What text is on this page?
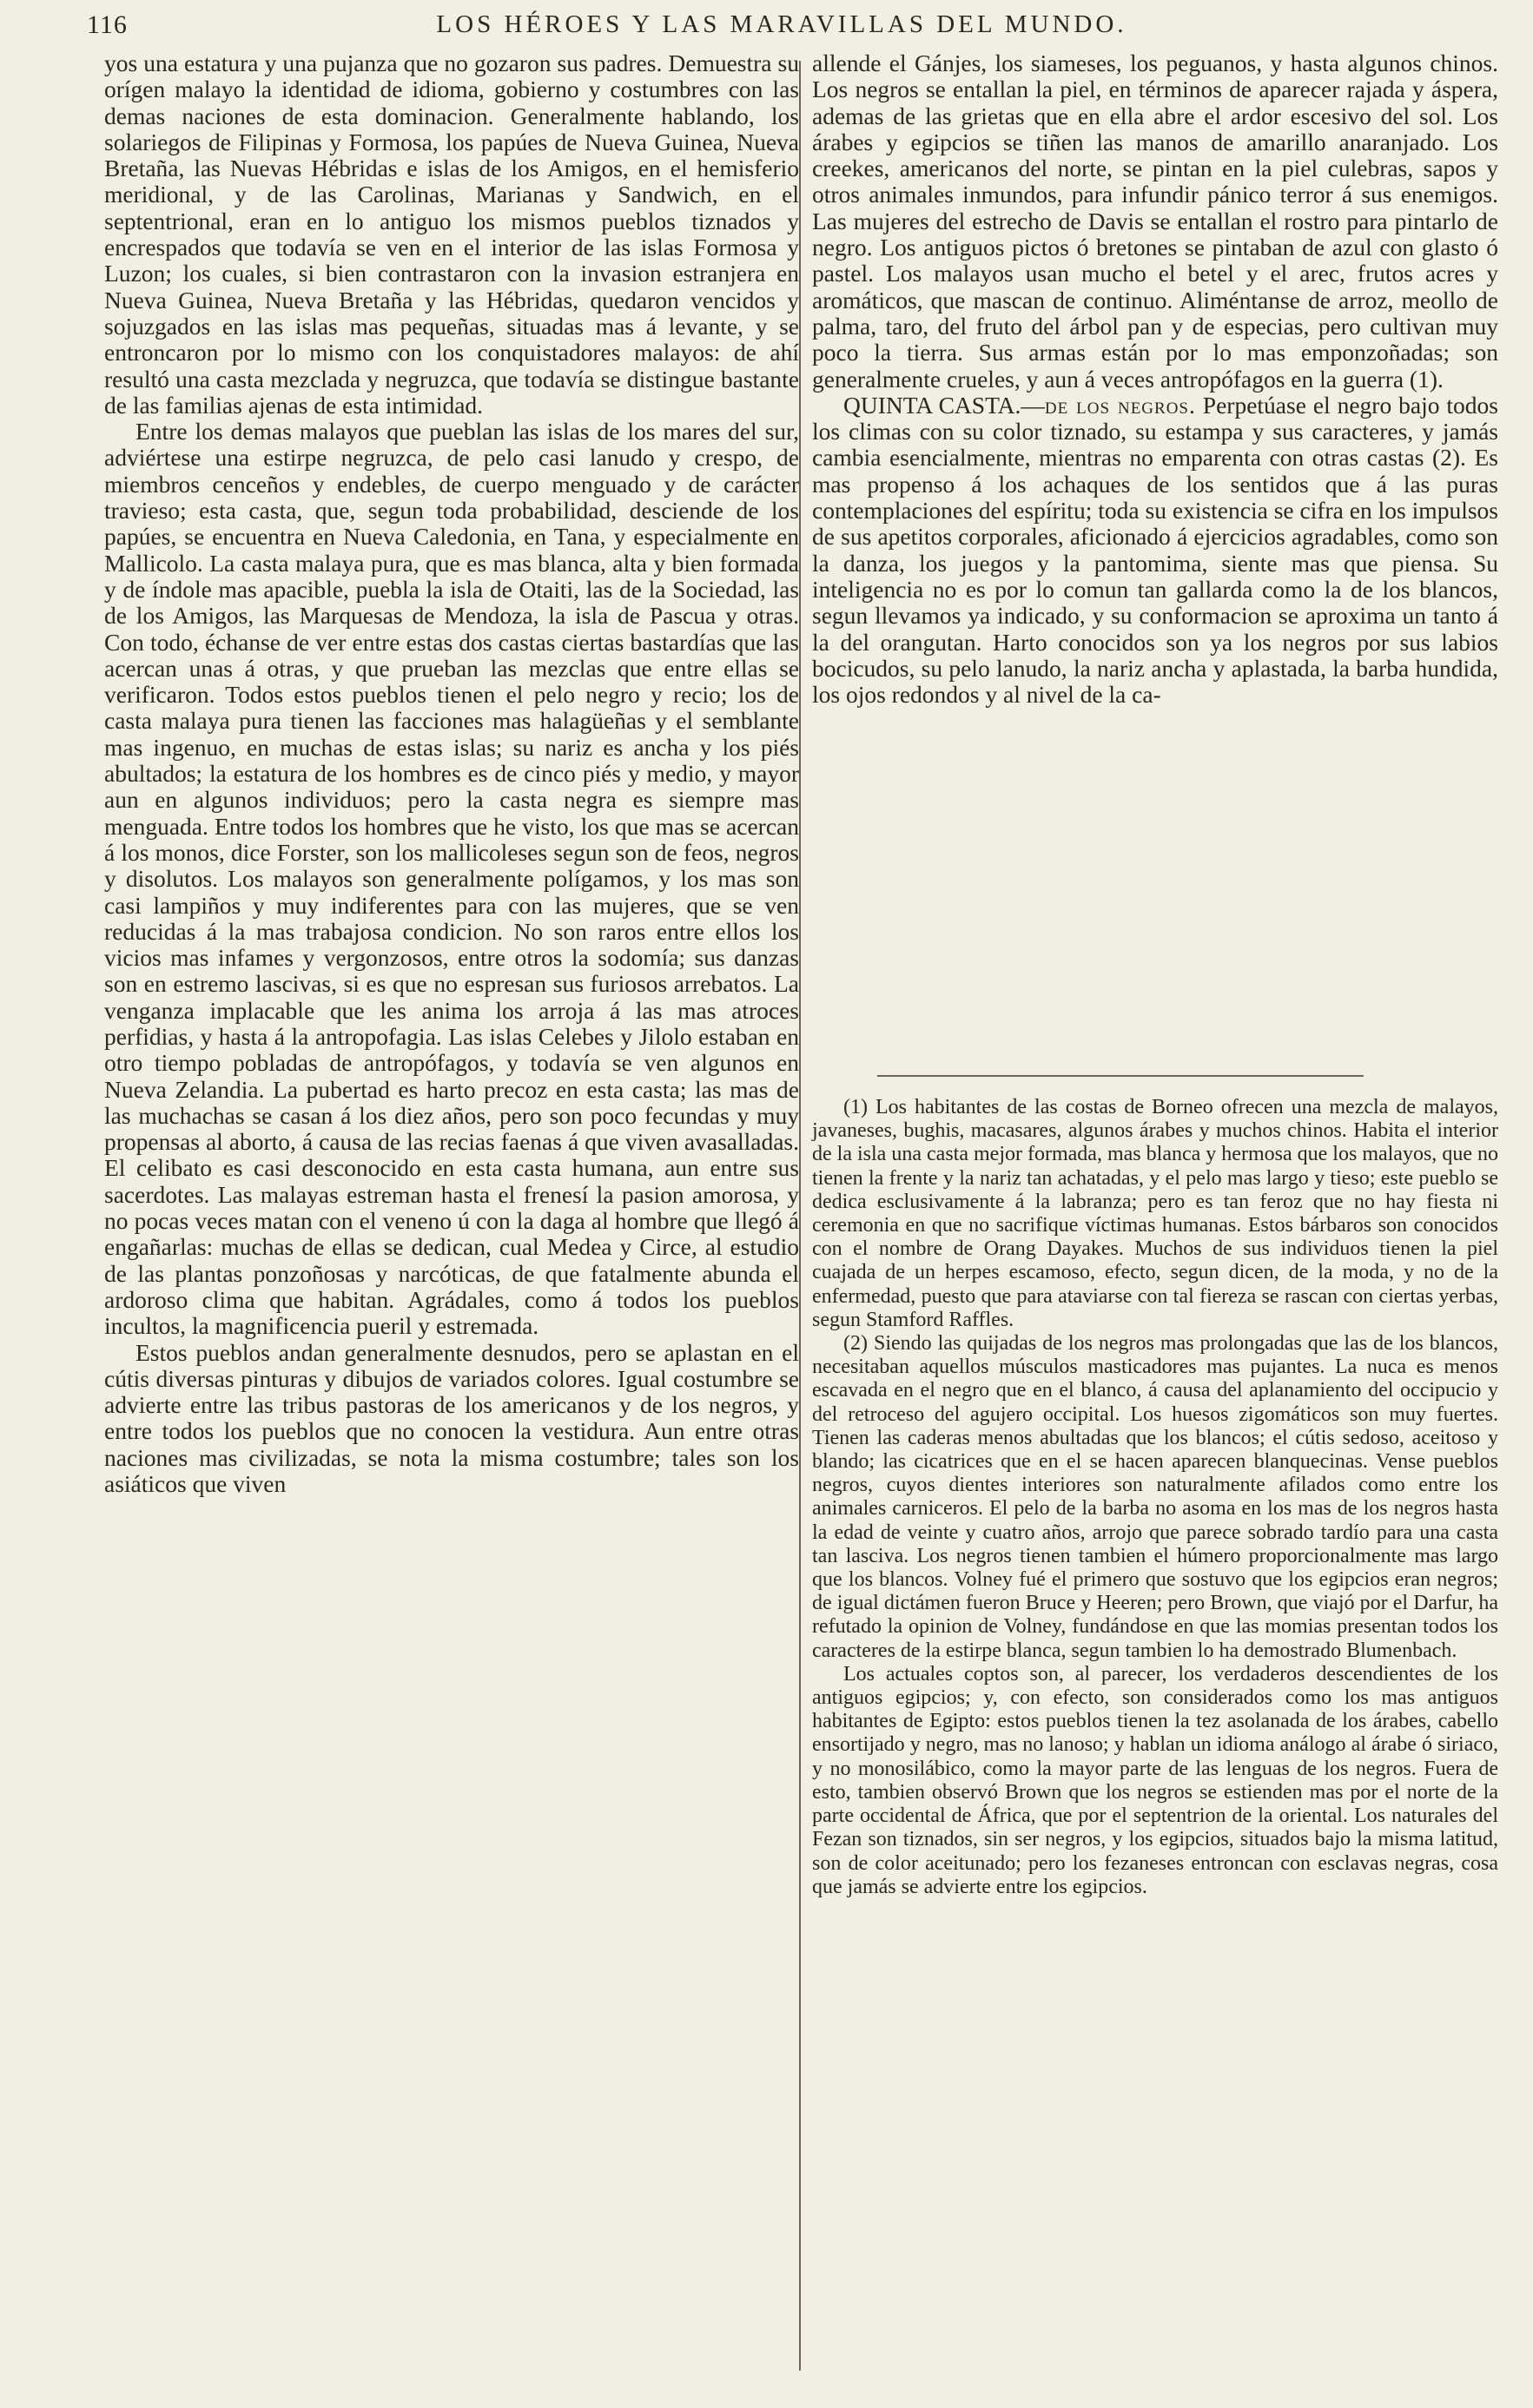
116	LOS HÉROES Y LAS MARAVILLAS DEL MUNDO.

yos una estatura y una pujanza que no gozaron sus padres. Demuestra su orígen malayo la identidad de idioma, gobierno y costumbres con las demas naciones de esta dominacion. Generalmente hablando, los solariegos de Filipinas y Formosa, los papúes de Nueva Guinea, Nueva Bretaña, las Nuevas Hébridas e islas de los Amigos, en el hemisferio meridional, y de las Carolinas, Marianas y Sandwich, en el septentrional, eran en lo antiguo los mismos pueblos tiznados y encrespados que todavía se ven en el interior de las islas Formosa y Luzon; los cuales, si bien contrastaron con la invasion estranjera en Nueva Guinea, Nueva Bretaña y las Hébridas, quedaron vencidos y sojuzgados en las islas mas pequeñas, situadas mas á levante, y se entroncaron por lo mismo con los conquistadores malayos: de ahí resultó una casta mezclada y negruzca, que todavía se distingue bastante de las familias ajenas de esta intimidad.

Entre los demas malayos que pueblan las islas de los mares del sur, adviértese una estirpe negruzca, de pelo casi lanudo y crespo, de miembros cenceños y endebles, de cuerpo menguado y de carácter travieso; esta casta, que, segun toda probabilidad, desciende de los papúes, se encuentra en Nueva Caledonia, en Tana, y especialmente en Mallicolo. La casta malaya pura, que es mas blanca, alta y bien formada y de índole mas apacible, puebla la isla de Otaiti, las de la Sociedad, las de los Amigos, las Marquesas de Mendoza, la isla de Pascua y otras. Con todo, échanse de ver entre estas dos castas ciertas bastardías que las acercan unas á otras, y que prueban las mezclas que entre ellas se verificaron. Todos estos pueblos tienen el pelo negro y recio; los de casta malaya pura tienen las facciones mas halagüeñas y el semblante mas ingenuo, en muchas de estas islas; su nariz es ancha y los piés abultados; la estatura de los hombres es de cinco piés y medio, y mayor aun en algunos individuos; pero la casta negra es siempre mas menguada. Entre todos los hombres que he visto, los que mas se acercan á los monos, dice Forster, son los mallicoleses segun son de feos, negros y disolutos. Los malayos son generalmente polígamos, y los mas son casi lampiños y muy indiferentes para con las mujeres, que se ven reducidas á la mas trabajosa condicion. No son raros entre ellos los vicios mas infames y vergonzosos, entre otros la sodomía; sus danzas son en estremo lascivas, si es que no espresan sus furiosos arrebatos. La venganza implacable que les anima los arroja á las mas atroces perfidias, y hasta á la antropofagia. Las islas Celebes y Jilolo estaban en otro tiempo pobladas de antropófagos, y todavía se ven algunos en Nueva Zelandia. La pubertad es harto precoz en esta casta; las mas de las muchachas se casan á los diez años, pero son poco fecundas y muy propensas al aborto, á causa de las recias faenas á que viven avasalladas. El celibato es casi desconocido en esta casta humana, aun entre sus sacerdotes. Las malayas estreman hasta el frenesí la pasion amorosa, y no pocas veces matan con el veneno ú con la daga al hombre que llegó á engañarlas: muchas de ellas se dedican, cual Medea y Circe, al estudio de las plantas ponzoñosas y narcóticas, de que fatalmente abunda el ardoroso clima que habitan. Agrádales, como á todos los pueblos incultos, la magnificencia pueril y estremada.

Estos pueblos andan generalmente desnudos, pero se aplastan en el cútis diversas pinturas y dibujos de variados colores. Igual costumbre se advierte entre las tribus pastoras de los americanos y de los negros, y entre todos los pueblos que no conocen la vestidura. Aun entre otras naciones mas civilizadas, se nota la misma costumbre; tales son los asiáticos que viven

allende el Gánjes, los siameses, los peguanos, y hasta algunos chinos. Los negros se entallan la piel, en términos de aparecer rajada y áspera, ademas de las grietas que en ella abre el ardor escesivo del sol. Los árabes y egipcios se tiñen las manos de amarillo anaranjado. Los creekes, americanos del norte, se pintan en la piel culebras, sapos y otros animales inmundos, para infundir pánico terror á sus enemigos. Las mujeres del estrecho de Davis se entallan el rostro para pintarlo de negro. Los antiguos pictos ó bretones se pintaban de azul con glasto ó pastel. Los malayos usan mucho el betel y el arec, frutos acres y aromáticos, que mascan de continuo. Aliméntanse de arroz, meollo de palma, taro, del fruto del árbol pan y de especias, pero cultivan muy poco la tierra. Sus armas están por lo mas emponzoñadas; son generalmente crueles, y aun á veces antropófagos en la guerra (1).

QUINTA CASTA.—de los negros. Perpetúase el negro bajo todos los climas con su color tiznado, su estampa y sus caracteres, y jamás cambia esencialmente, mientras no emparenta con otras castas (2). Es mas propenso á los achaques de los sentidos que á las puras contemplaciones del espíritu; toda su existencia se cifra en los impulsos de sus apetitos corporales, aficionado á ejercicios agradables, como son la danza, los juegos y la pantomima, siente mas que piensa. Su inteligencia no es por lo comun tan gallarda como la de los blancos, segun llevamos ya indicado, y su conformacion se aproxima un tanto á la del orangutan. Harto conocidos son ya los negros por sus labios bocicudos, su pelo lanudo, la nariz ancha y aplastada, la barba hundida, los ojos redondos y al nivel de la ca-

(1) Los habitantes de las costas de Borneo ofrecen una mezcla de malayos, javaneses, bughis, macasares, algunos árabes y muchos chinos. Habita el interior de la isla una casta mejor formada, mas blanca y hermosa que los malayos, que no tienen la frente y la nariz tan achatadas, y el pelo mas largo y tieso; este pueblo se dedica esclusivamente á la labranza; pero es tan feroz que no hay fiesta ni ceremonia en que no sacrifique víctimas humanas. Estos bárbaros son conocidos con el nombre de Orang Dayakes. Muchos de sus individuos tienen la piel cuajada de un herpes escamoso, efecto, segun dicen, de la moda, y no de la enfermedad, puesto que para ataviarse con tal fiereza se rascan con ciertas yerbas, segun Stamford Raffles.

(2) Siendo las quijadas de los negros mas prolongadas que las de los blancos, necesitaban aquellos músculos masticadores mas pujantes. La nuca es menos escavada en el negro que en el blanco, á causa del aplanamiento del occipucio y del retroceso del agujero occipital. Los huesos zigomáticos son muy fuertes. Tienen las caderas menos abultadas que los blancos; el cútis sedoso, aceitoso y blando; las cicatrices que en el se hacen aparecen blanquecinas. Vense pueblos negros, cuyos dientes interiores son naturalmente afilados como entre los animales carniceros. El pelo de la barba no asoma en los mas de los negros hasta la edad de veinte y cuatro años, arrojo que parece sobrado tardío para una casta tan lasciva. Los negros tienen tambien el húmero proporcionalmente mas largo que los blancos. Volney fué el primero que sostuvo que los egipcios eran negros; de igual dictámen fueron Bruce y Heeren; pero Brown, que viajó por el Darfur, ha refutado la opinion de Volney, fundándose en que las momias presentan todos los caracteres de la estirpe blanca, segun tambien lo ha demostrado Blumenbach.

Los actuales coptos son, al parecer, los verdaderos descendientes de los antiguos egipcios; y, con efecto, son considerados como los mas antiguos habitantes de Egipto: estos pueblos tienen la tez asolanada de los árabes, cabello ensortijado y negro, mas no lanoso; y hablan un idioma análogo al árabe ó siriaco, y no monosilábico, como la mayor parte de las lenguas de los negros. Fuera de esto, tambien observó Brown que los negros se estienden mas por el norte de la parte occidental de África, que por el septentrion de la oriental. Los naturales del Fezan son tiznados, sin ser negros, y los egipcios, situados bajo la misma latitud, son de color aceitunado; pero los fezaneses entroncan con esclavas negras, cosa que jamás se advierte entre los egipcios.
